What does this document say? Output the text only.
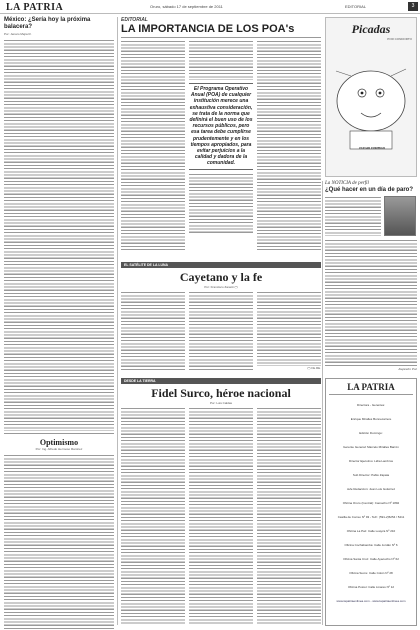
LA PATRIA	Oruro, sábado 17 de septiembre de 2011	EDITORIAL	3
México: ¿Sería hoy la próxima balacera?
Por: Jenaro Mejía R.
Optimismo
Por: Ing. Alfredo Hermoso Ramírez
EDITORIAL
LA IMPORTANCIA DE LOS POA's
El Programa Operativo Anual (POA) de cualquier institución merece una exhaustiva consideración, se trata de la norma que definirá el buen uso de los recursos públicos, pero esa tarea debe cumplirse prudentemente y en los tiempos apropiados, para evitar perjuicios a la calidad y dadora de la comunidad.
Picadas
POR CONDORTO
CUCHO CONTIGO
La NOTICIA de perfil
¿Qué hacer en un día de paro?
Alejandro Poz
EL SATÉLITE DE LA LUNA
Cayetano y la fe
Por: Francisco Zanetti (*)
(*) FE.RE.
DESDE LA TIERRA
Fidel Surco, héroe nacional
Por: Luis Caldas
LA PATRIA
Directora - Gerentes:
Enrique Miralles Bonnecarrere
Edición Domingo:
Gerente General: Marcelo Miralles Barrón
Director Ejecutivo: Lidia Lambros
Sub Director: Pablo Zapata
Jefe Redacción: Juan Luis Gutiérrez
Oficina Oruro (Central): Camacho Nº 1892
Casilla de Correo Nº 93 - Telf.: (591-2)5254 / 5211
Oficina La Paz: Calle Loayza Nº 210
Oficina Cochabamba: Calle Jordán Nº 6
Oficina Santa Cruz: Calle Ayacucho Nº 62
Oficina Sucre: Calle Colón Nº 28
Oficina Potosí: Calle Linares Nº 12
www.lapatriaenlinea.com - www.lapatriaenlinea.com
